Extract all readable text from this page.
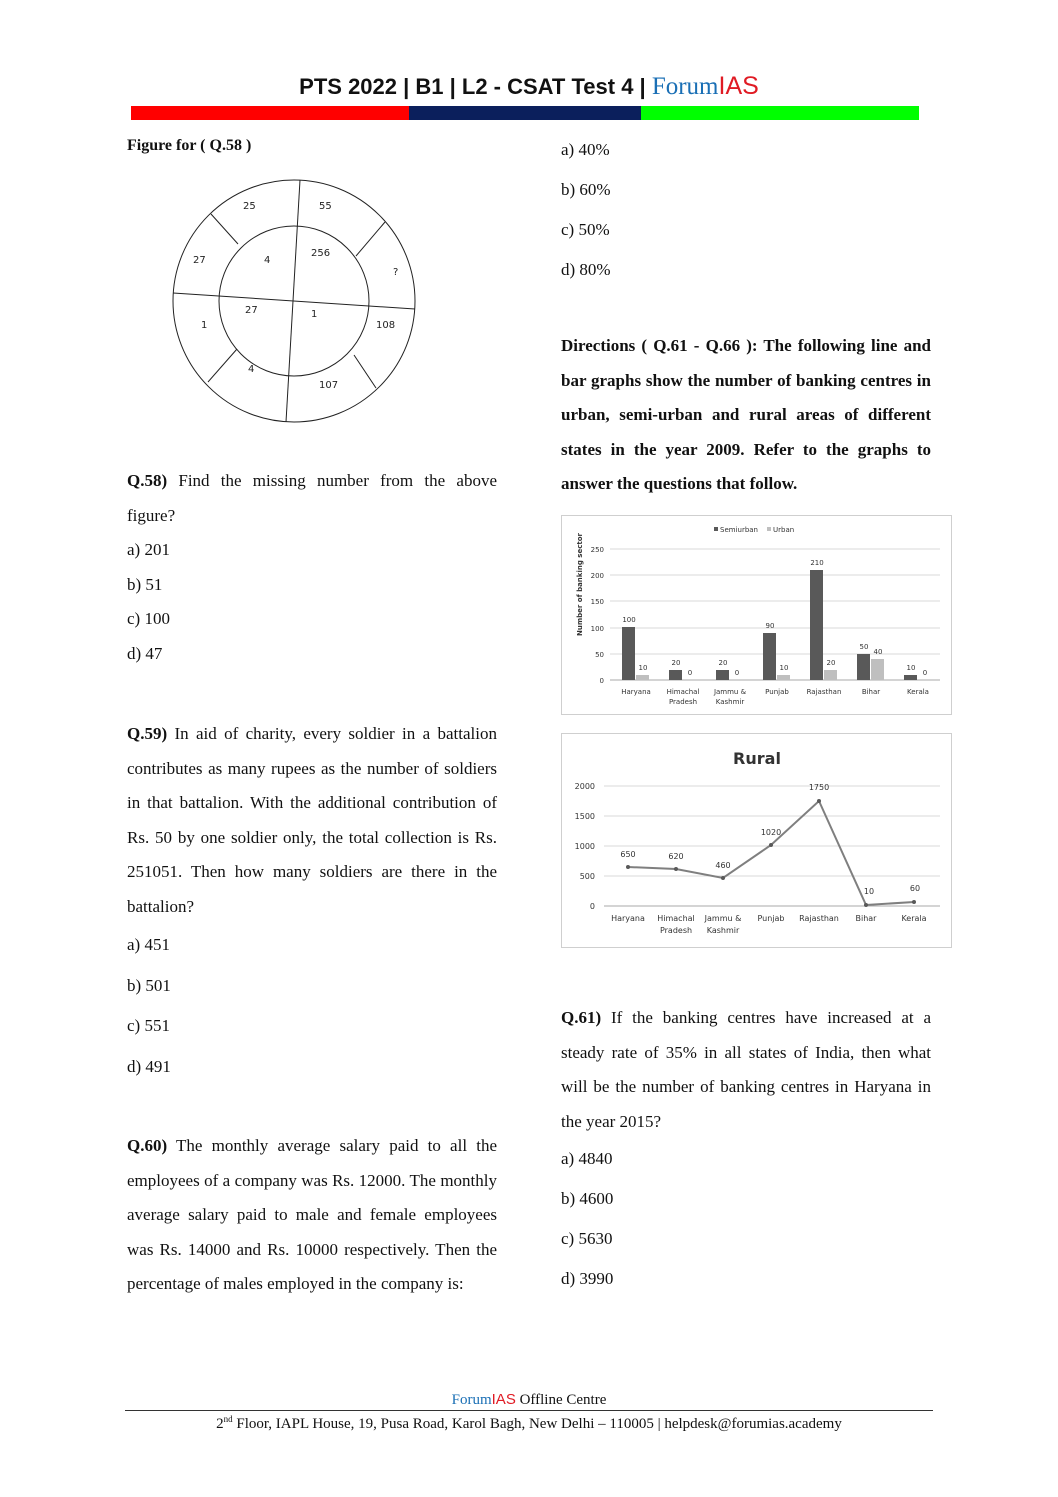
PTS 2022 | B1 | L2 - CSAT Test 4 | ForumIAS

Figure for ( Q.58 )

25	55
?
108
107
4
1
27	4
256
1
27

Q.58) Find the missing number from the above figure?

a) 201

b) 51

c) 100

d) 47

Q.59) In aid of charity, every soldier in a battalion contributes as many rupees as the number of soldiers in that battalion. With the additional contribution of Rs. 50 by one soldier only, the total collection is Rs. 251051. Then how many soldiers are there in the battalion?

a) 451

b) 501

c) 551

d) 491

Q.60) The monthly average salary paid to all the employees of a company was Rs. 12000. The monthly average salary paid to male and female employees was Rs. 14000 and Rs. 10000 respectively. Then the percentage of males employed in the company is:

a) 40%

b) 60%

c) 50%

d) 80%

Directions ( Q.61 - Q.66 ): The following line and bar graphs show the number of banking centres in urban, semi-urban and rural areas of different states in the year 2009. Refer to the graphs to answer the questions that follow.

Semiurban Urban
Number of banking sector 250
200
150
100
50
0
100
10
20
0
20
0
90
10
210
20
50
40
10
0
Haryana Himachal
Pradesh
Jammu &
Kashmir
Punjab	Rajasthan	Bihar	Kerala
Rural
2000
1500
1000
500
0
650	620
460
1020
1750
10	60
Haryana Himachal
Pradesh
Jammu &
Kashmir
Punjab Rajasthan Bihar	Kerala

Q.61) If the banking centres have increased at a steady rate of 35% in all states of India, then what will be the number of banking centres in Haryana in the year 2015?

a) 4840

b) 4600

c) 5630

d) 3990

ForumIAS Offline Centre
2nd Floor, IAPL House, 19, Pusa Road, Karol Bagh, New Delhi – 110005 | helpdesk@forumias.academy
